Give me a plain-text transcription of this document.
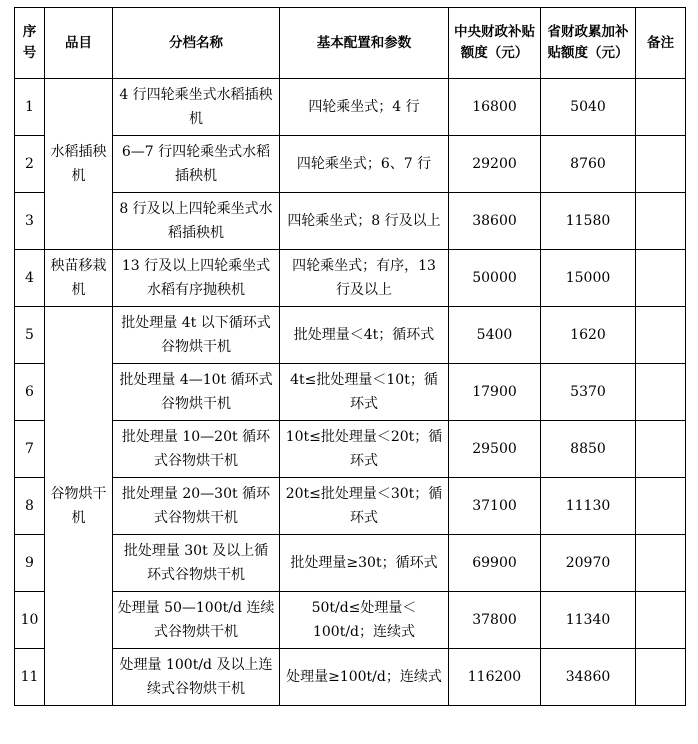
序号	品目	分档名称	基本配置和参数	中央财政补贴额度（元）	省财政累加补贴额度（元）	备注
1	水稻插秧机	4 行四轮乘坐式水稻插秧机	四轮乘坐式；4 行	16800	5040	
2		6—7 行四轮乘坐式水稻插秧机	四轮乘坐式；6、7 行	29200	8760	
3		8 行及以上四轮乘坐式水稻插秧机	四轮乘坐式；8 行及以上	38600	11580	
4	秧苗移栽机	13 行及以上四轮乘坐式水稻有序抛秧机	四轮乘坐式；有序，13 行及以上	50000	15000	
5	谷物烘干机	批处理量 4t 以下循环式谷物烘干机	批处理量＜4t；循环式	5400	1620	
6		批处理量 4—10t 循环式谷物烘干机	4t≤批处理量＜10t；循环式	17900	5370	
7		批处理量 10—20t 循环式谷物烘干机	10t≤批处理量＜20t；循环式	29500	8850	
8		批处理量 20—30t 循环式谷物烘干机	20t≤批处理量＜30t；循环式	37100	11130	
9		批处理量 30t 及以上循环式谷物烘干机	批处理量≥30t；循环式	69900	20970	
10		处理量 50—100t/d 连续式谷物烘干机	50t/d≤处理量＜100t/d；连续式	37800	11340	
11		处理量 100t/d 及以上连续式谷物烘干机	处理量≥100t/d；连续式	116200	34860	
